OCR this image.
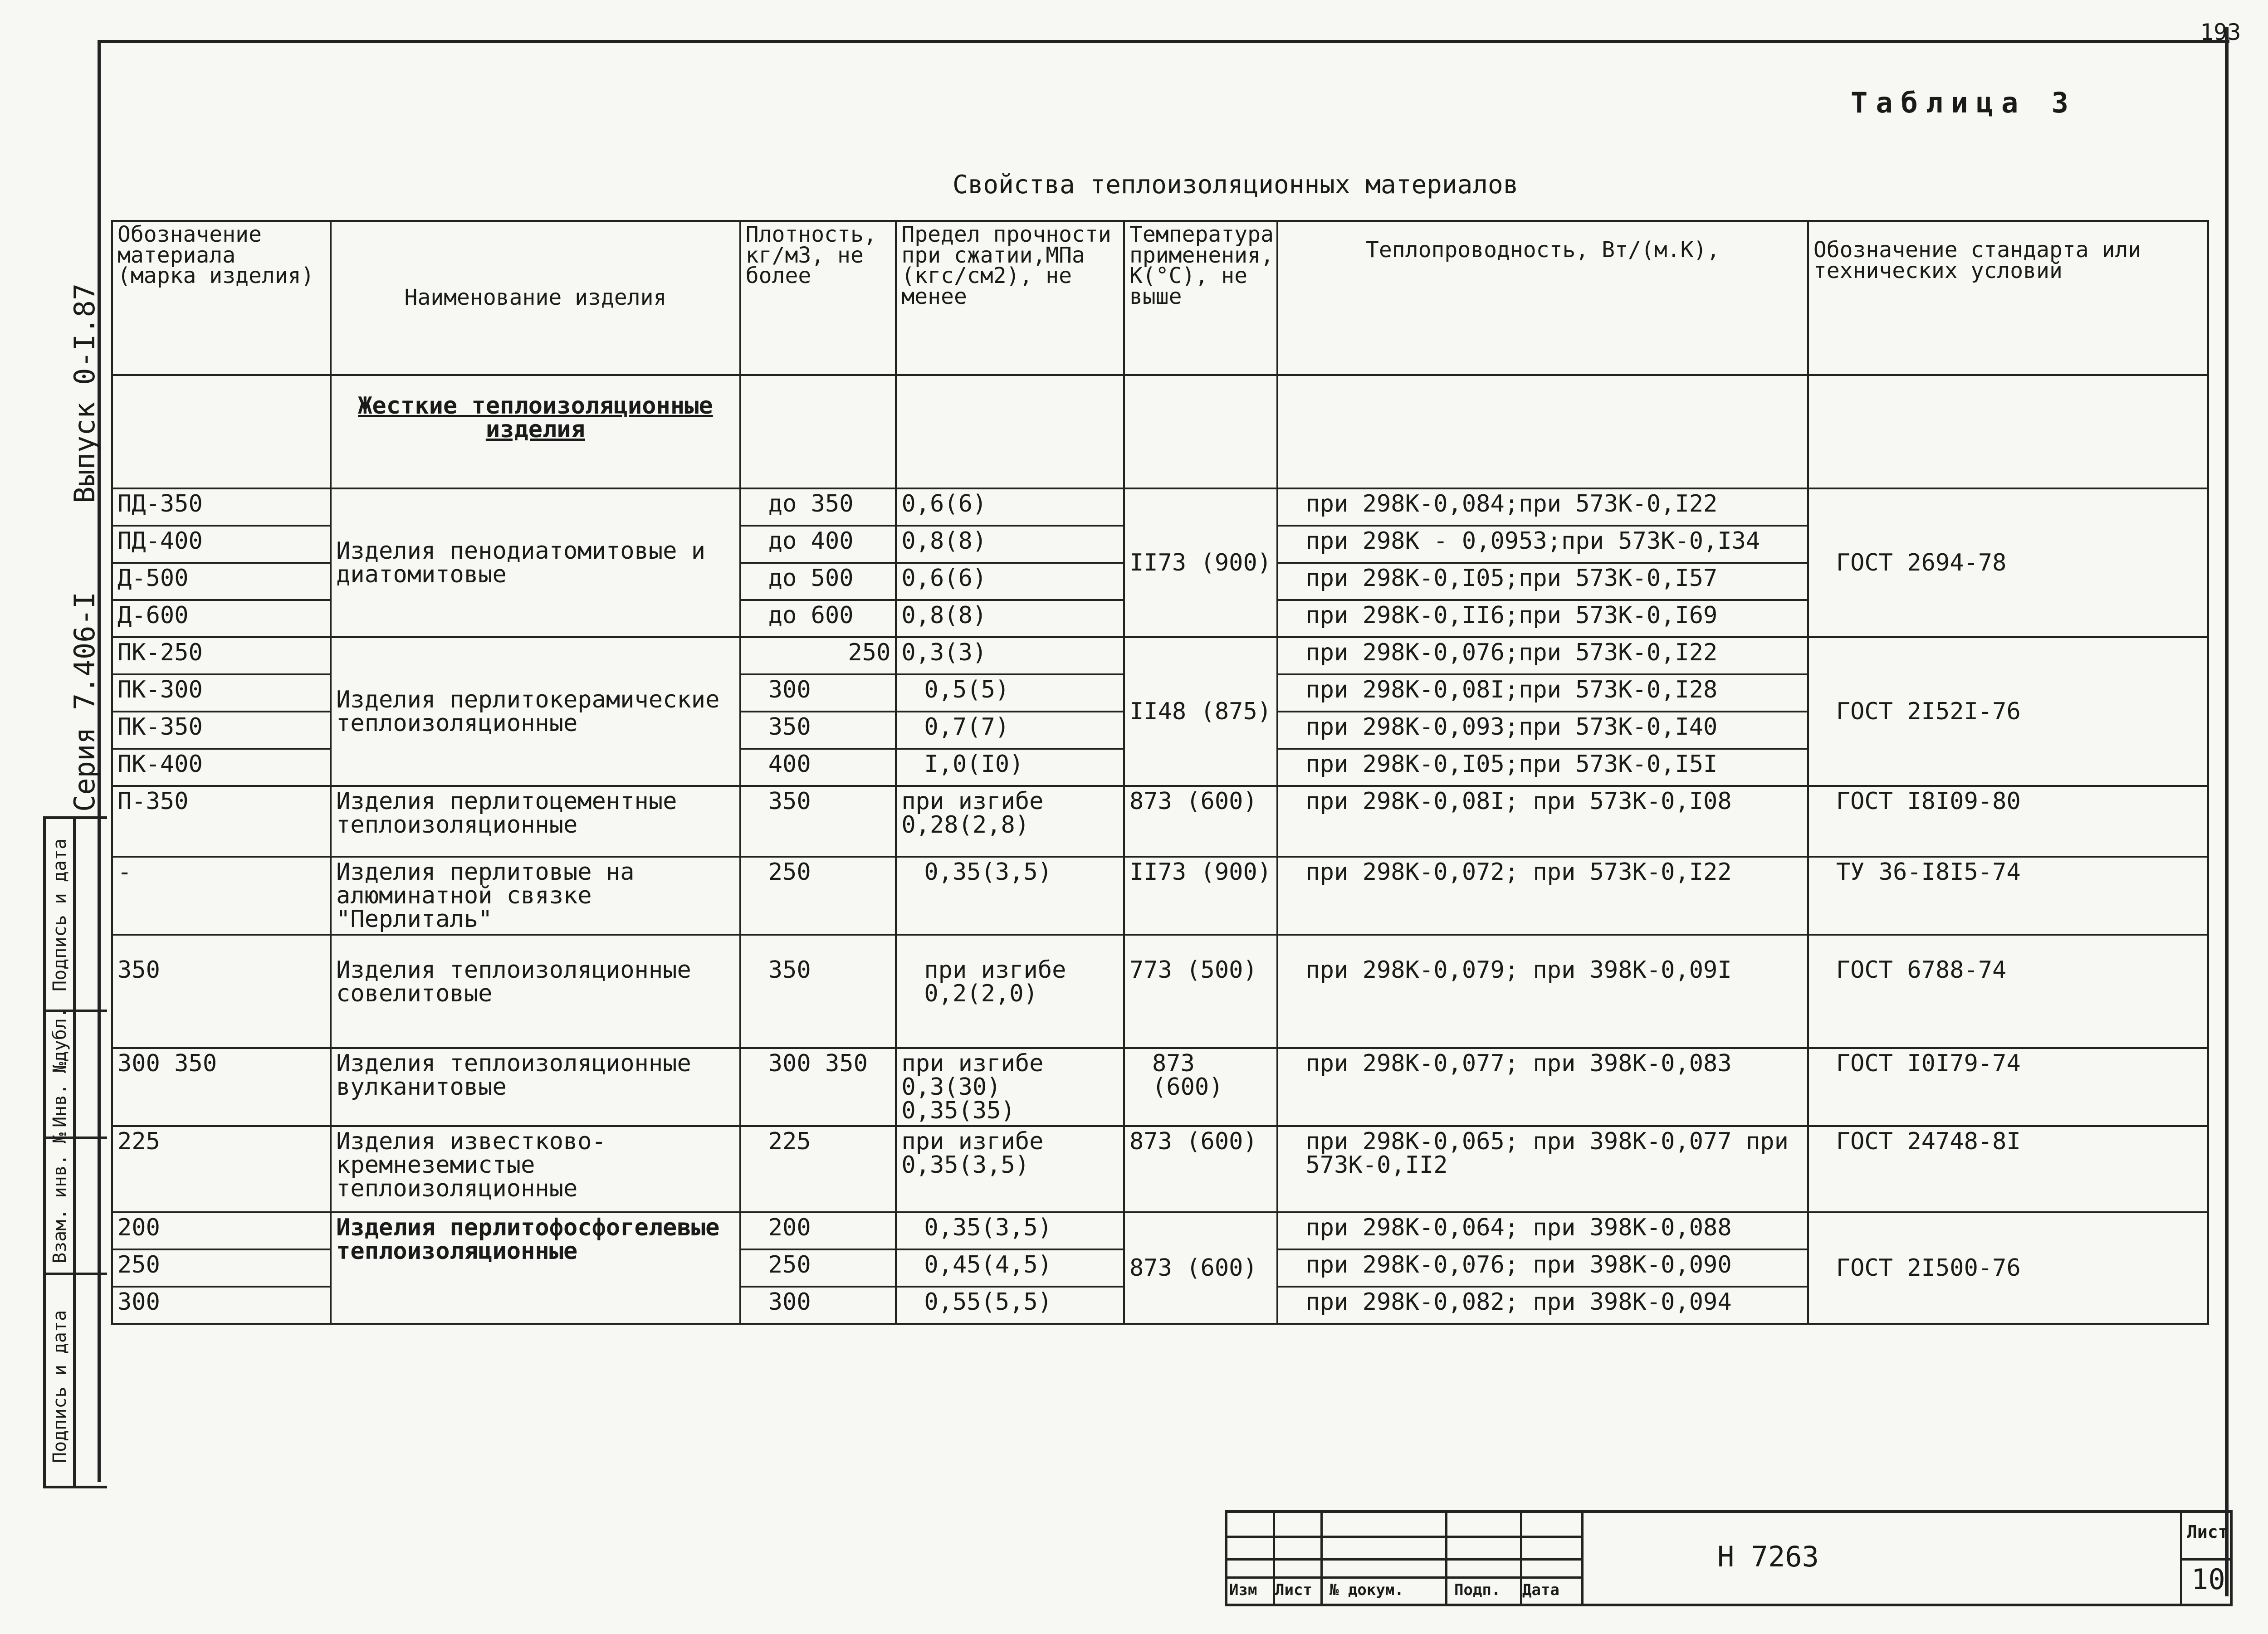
193
Серия 7.406-I
Выпуск 0-I.87
Подпись и дата
Инв. №дубл.
Взам. инв. №
Подпись и дата
Таблица 3
Свойства теплоизоляционных материалов
Обозначение материала (марка изделия)	Наименование изделия	Плотность, кг/м3, не более	Предел прочности при сжатии,МПа (кгс/см2), не менее	Температура применения, К(°С), не выше	Теплопроводность, Вт/(м.К),	Обозначение стандарта или технических условий
	Жесткие теплоизоляционные изделия					
ПД-350	Изделия пенодиатомитовые и диатомитовые	до 350	0,6(6)	II73 (900)	при 298К-0,084;при 573К-0,I22	ГОСТ 2694-78
ПД-400		до 400	0,8(8)		при 298К - 0,0953;при 573К-0,I34	
Д-500		до 500	0,6(6)		при 298К-0,I05;при 573К-0,I57	
Д-600		до 600	0,8(8)		при 298К-0,II6;при 573К-0,I69	
ПК-250	Изделия перлитокерамические теплоизоляционные	250	0,3(3)	II48 (875)	при 298К-0,076;при 573К-0,I22	ГОСТ 2I52I-76
ПК-300		300	0,5(5)		при 298К-0,08I;при 573К-0,I28	
ПК-350		350	0,7(7)		при 298К-0,093;при 573К-0,I40	
ПК-400		400	I,0(I0)		при 298К-0,I05;при 573К-0,I5I	
П-350	Изделия перлитоцементные теплоизоляционные	350	при изгибе 0,28(2,8)	873 (600)	при 298К-0,08I; при 573К-0,I08	ГОСТ I8I09-80
-	Изделия перлитовые на алюминатной связке "Перлиталь"	250	0,35(3,5)	II73 (900)	при 298К-0,072; при 573К-0,I22	ТУ 36-I8I5-74
350	Изделия теплоизоляционные совелитовые	350	при изгибе 0,2(2,0)	773 (500)	при 298К-0,079; при 398К-0,09I	ГОСТ 6788-74
300 350	Изделия теплоизоляционные вулканитовые	300 350	при изгибе 0,3(30) 0,35(35)	873 (600)	при 298К-0,077; при 398К-0,083	ГОСТ I0I79-74
225	Изделия известково-кремнеземистые теплоизоляционные	225	при изгибе 0,35(3,5)	873 (600)	при 298К-0,065; при 398К-0,077 при 573К-0,II2	ГОСТ 24748-8I
200	Изделия перлитофосфогелевые теплоизоляционные	200	0,35(3,5)	873 (600)	при 298К-0,064; при 398К-0,088	ГОСТ 2I500-76
250		250	0,45(4,5)		при 298К-0,076; при 398К-0,090	
300		300	0,55(5,5)		при 298К-0,082; при 398К-0,094	
Изм Лист № докум.	Подп. Дата
Н 7263
Лист
10
